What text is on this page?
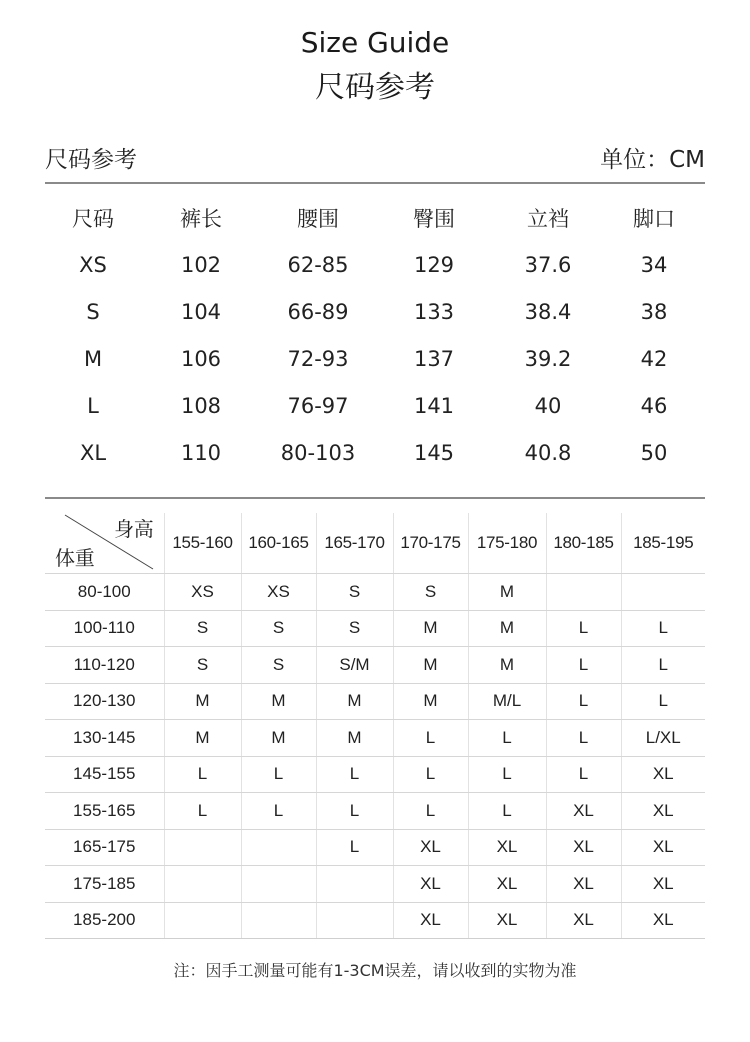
Size Guide
尺码参考
尺码参考	单位：CM
尺码	裤长	腰围	臀围	立裆	脚口
XS	102	62-85	129	37.6	34
S	104	66-89	133	38.4	38
M	106	72-93	137	39.2	42
L	108	76-97	141	40	46
XL	110	80-103	145	40.8	50
身高
体重	155-160	160-165	165-170	170-175	175-180	180-185	185-195
80-100	XS	XS	S	S	M		
100-110	S	S	S	M	M	L	L
110-120	S	S	S/M	M	M	L	L
120-130	M	M	M	M	M/L	L	L
130-145	M	M	M	L	L	L	L/XL
145-155	L	L	L	L	L	L	XL
155-165	L	L	L	L	L	XL	XL
165-175			L	XL	XL	XL	XL
175-185				XL	XL	XL	XL
185-200				XL	XL	XL	XL
注：因手工测量可能有1-3CM误差，请以收到的实物为准
